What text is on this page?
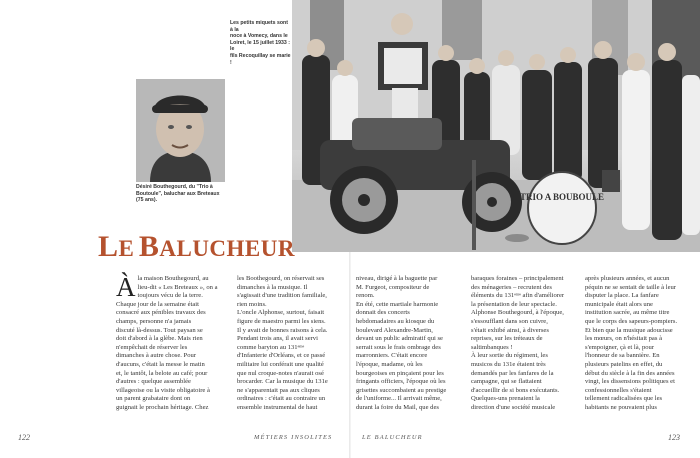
TRIO A BOUBOULE
Les petits miquets sont à la
noce à Vomecy, dans le
Loiret, le 15 juillet 1933 : le
fils Recoquillay se marie !
Désiré Bouthegourd, du "Trio à
Boutoule", baluchar aux Breteaux
(75 ans).
LE BALUCHEUR
À la maison Bouthegourd, au

lieu-dit « Les Breteaux », on a

toujours vécu de la terre.

Chaque jour de la semaine était

consacré aux pénibles travaux des

champs, personne n'a jamais

discuté là-dessus. Tout paysan se

doit d'abord à la glèbe. Mais rien

n'empêchait de réserver les

dimanches à autre chose. Pour

d'aucuns, c'était la messe le matin

et, le tantôt, la belote au café; pour

d'autres : quelque assemblée

villageoise ou la visite obligatoire à

un parent grabataire dont on

guignait le prochain héritage. Chez

les Boothegourd, on réservait ses

dimanches à la musique. Il

s'agissait d'une tradition familiale,

rien moins.

L'oncle Alphonse, surtout, faisait

figure de maestro parmi les siens.

Il y avait de bonnes raisons à cela.

Pendant trois ans, il avait servi

comme baryton au 131ᵉᵐᵉ

d'Infanterie d'Orléans, et ce passé

militaire lui conférait une qualité

que nul croque-notes n'aurait osé

brocarder. Car la musique du 131e

ne s'apparentait pas aux cliques

ordinaires : c'était au contraire un

ensemble instrumental de haut

niveau, dirigé à la baguette par

M. Furgeot, compositeur de

renom.

En été, cette martiale harmonie

donnait des concerts

hebdomadaires au kiosque du

boulevard Alexandre-Martin,

devant un public admiratif qui se

serrait sous le frais ombrage des

marronniers. C'était encore

l'époque, madame, où les

bourgeoises en pinçaient pour les

fringants officiers, l'époque où les

grisettes succombaient au prestige

de l'uniforme... Il arrivait même,

durant la foire du Mail, que des

baraques foraines – principalement

des ménageries – recrutent des

éléments du 131ᵉᵐᵉ afin d'améliorer

la présentation de leur spectacle.

Alphonse Bouthegourd, à l'époque,

s'essoufflant dans son cuivre,

s'était exhibé ainsi, à diverses

reprises, sur les tréteaux de

saltimbanques !

À leur sortie du régiment, les

musicos du 131e étaient très

demandés par les fanfares de la

campagne, qui se flattaient

d'accueillir de si bons exécutants.

Quelques-uns prenaient la

direction d'une société musicale

après plusieurs années, et aucun

péquin ne se sentait de taille à leur

disputer la place. La fanfare

municipale était alors une

institution sacrée, au même titre

que le corps des sapeurs-pompiers.

Et bien que la musique adoucisse

les mœurs, on n'hésitait pas à

s'empoigner, çà et là, pour

l'honneur de sa bannière. En

plusieurs patelins en effet, du

début du siècle à la fin des années

vingt, les dissensions politiques et

confessionnelles s'étaient

tellement radicalisées que les

habitants ne pouvaient plus

122	MÉTIERS INSOLITES	LE BALUCHEUR	123
